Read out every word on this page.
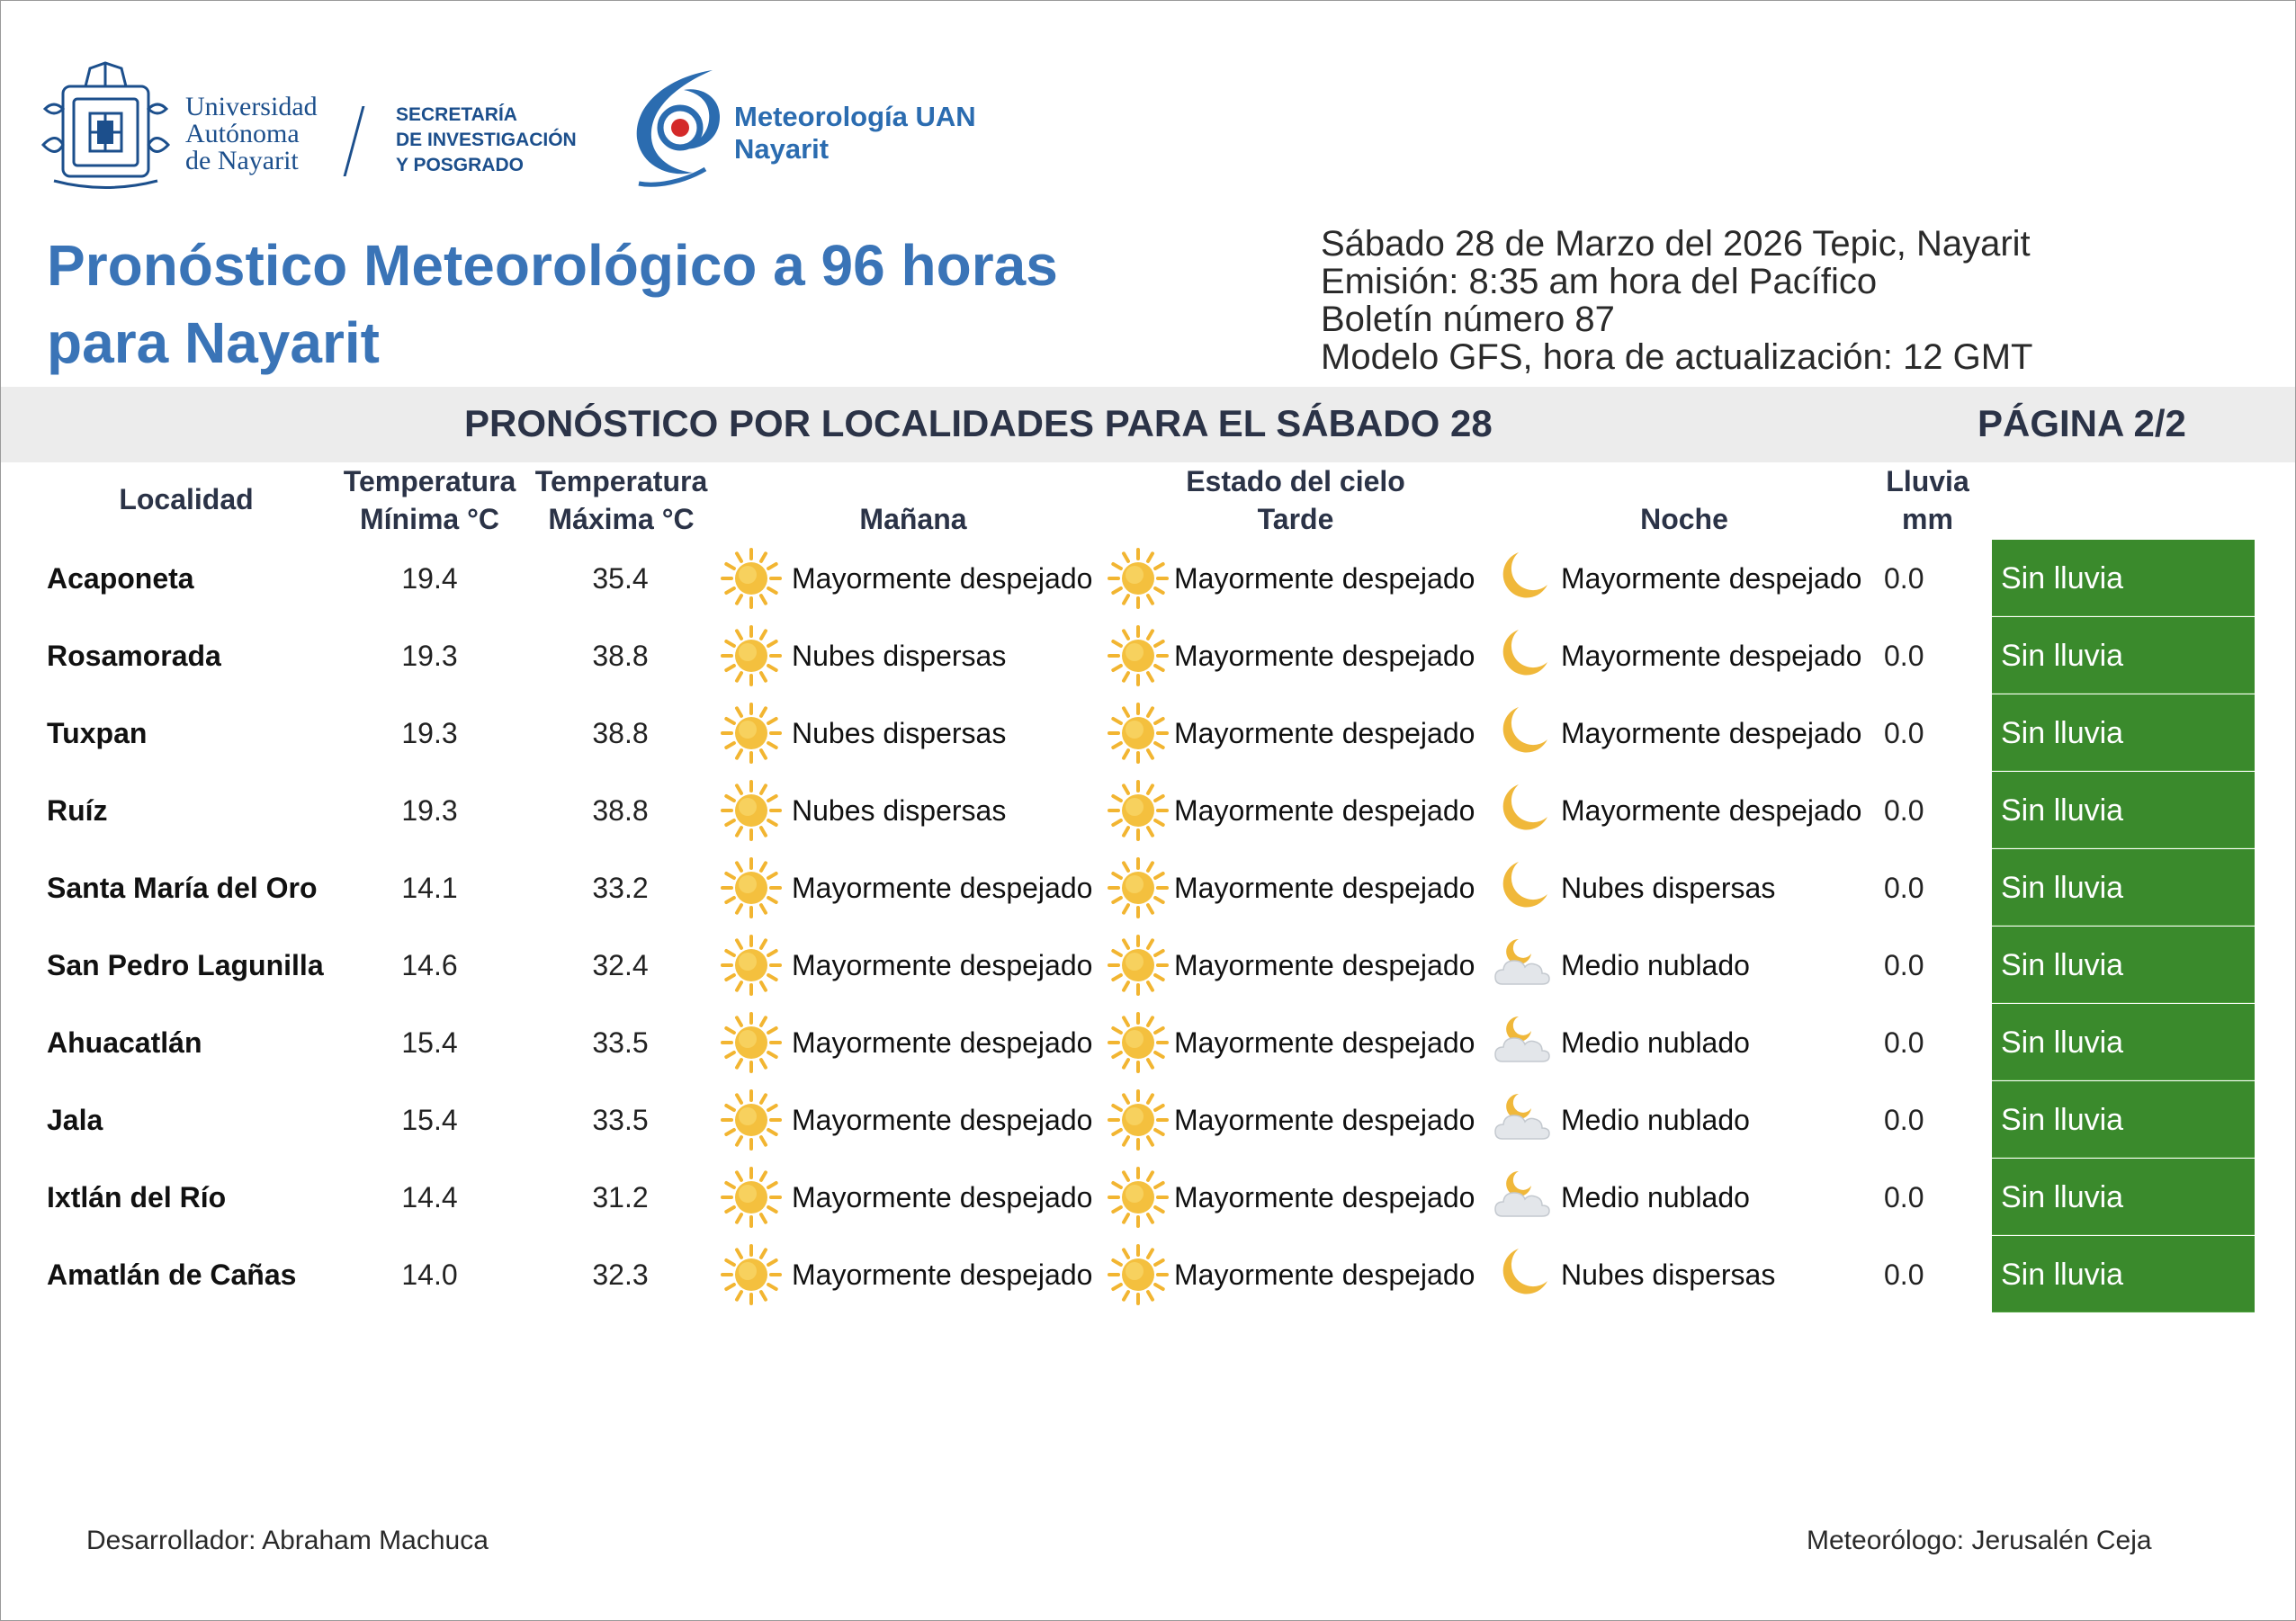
Universidad
Autónoma
de Nayarit
SECRETARÍA
DE INVESTIGACIÓN
Y POSGRADO
Meteorología UAN
Nayarit
Pronóstico Meteorológico a 96 horas
para Nayarit
Sábado 28 de Marzo del 2026 Tepic, Nayarit
Emisión: 8:35 am hora del Pacífico
Boletín número 87
Modelo GFS, hora de actualización: 12 GMT
PRONÓSTICO POR LOCALIDADES PARA EL SÁBADO 28	PÁGINA 2/2
Localidad
Temperatura
Mínima °C
Temperatura
Máxima °C
Estado del cielo
Mañana	Tarde	Noche
Lluvia
mm
Acaponeta	19.4	35.4	Mayormente despejado	Mayormente despejado	Mayormente despejado 0.0	Sin lluvia
Rosamorada	19.3	38.8	Nubes dispersas	Mayormente despejado	Mayormente despejado 0.0	Sin lluvia
Tuxpan	19.3	38.8	Nubes dispersas	Mayormente despejado	Mayormente despejado 0.0	Sin lluvia
Ruíz	19.3	38.8	Nubes dispersas	Mayormente despejado	Mayormente despejado 0.0	Sin lluvia
Santa María del Oro	14.1	33.2	Mayormente despejado	Mayormente despejado	Nubes dispersas	0.0	Sin lluvia
San Pedro Lagunilla	14.6	32.4	Mayormente despejado	Mayormente despejado	Medio nublado	0.0	Sin lluvia
Ahuacatlán	15.4	33.5	Mayormente despejado	Mayormente despejado	Medio nublado	0.0	Sin lluvia
Jala	15.4	33.5	Mayormente despejado	Mayormente despejado	Medio nublado	0.0	Sin lluvia
Ixtlán del Río	14.4	31.2	Mayormente despejado	Mayormente despejado	Medio nublado	0.0	Sin lluvia
Amatlán de Cañas	14.0	32.3	Mayormente despejado	Mayormente despejado	Nubes dispersas	0.0	Sin lluvia
Desarrollador: Abraham Machuca	Meteorólogo: Jerusalén Ceja
